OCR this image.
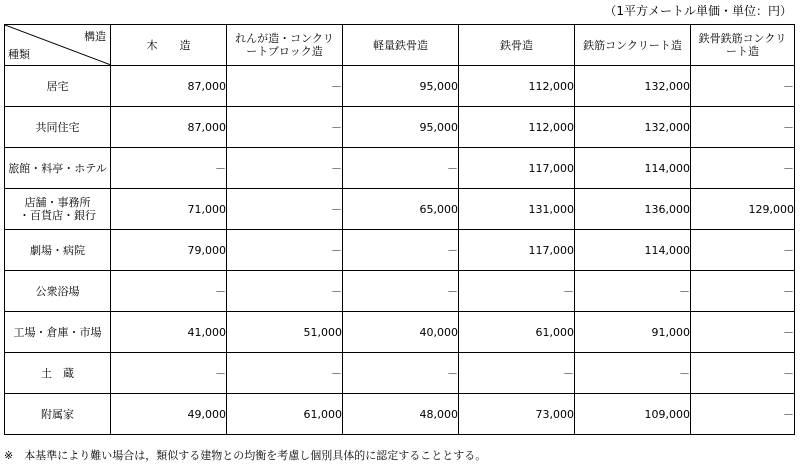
（1平方メートル単価・単位：円）
構造
種類	木　　造	れんが造・コンクリートブロック造	軽量鉄骨造	鉄骨造	鉄筋コンクリート造	鉄骨鉄筋コンクリート造
居宅	87,000	－	95,000	112,000	132,000	－
共同住宅	87,000	－	95,000	112,000	132,000	－
旅館・料亭・ホテル	－	－	－	117,000	114,000	－

店舗・事務所
・百貨店・銀行	71,000	－	65,000	131,000	136,000	129,000
劇場・病院	79,000	－	－	117,000	114,000	－
公衆浴場	－	－	－	－	－	－
工場・倉庫・市場	41,000	51,000	40,000	61,000	91,000	－
土　蔵	－	－	－	－	－	－
附属家	49,000	61,000	48,000	73,000	109,000	－
※　本基準により難い場合は，類似する建物との均衡を考慮し個別具体的に認定することとする。
